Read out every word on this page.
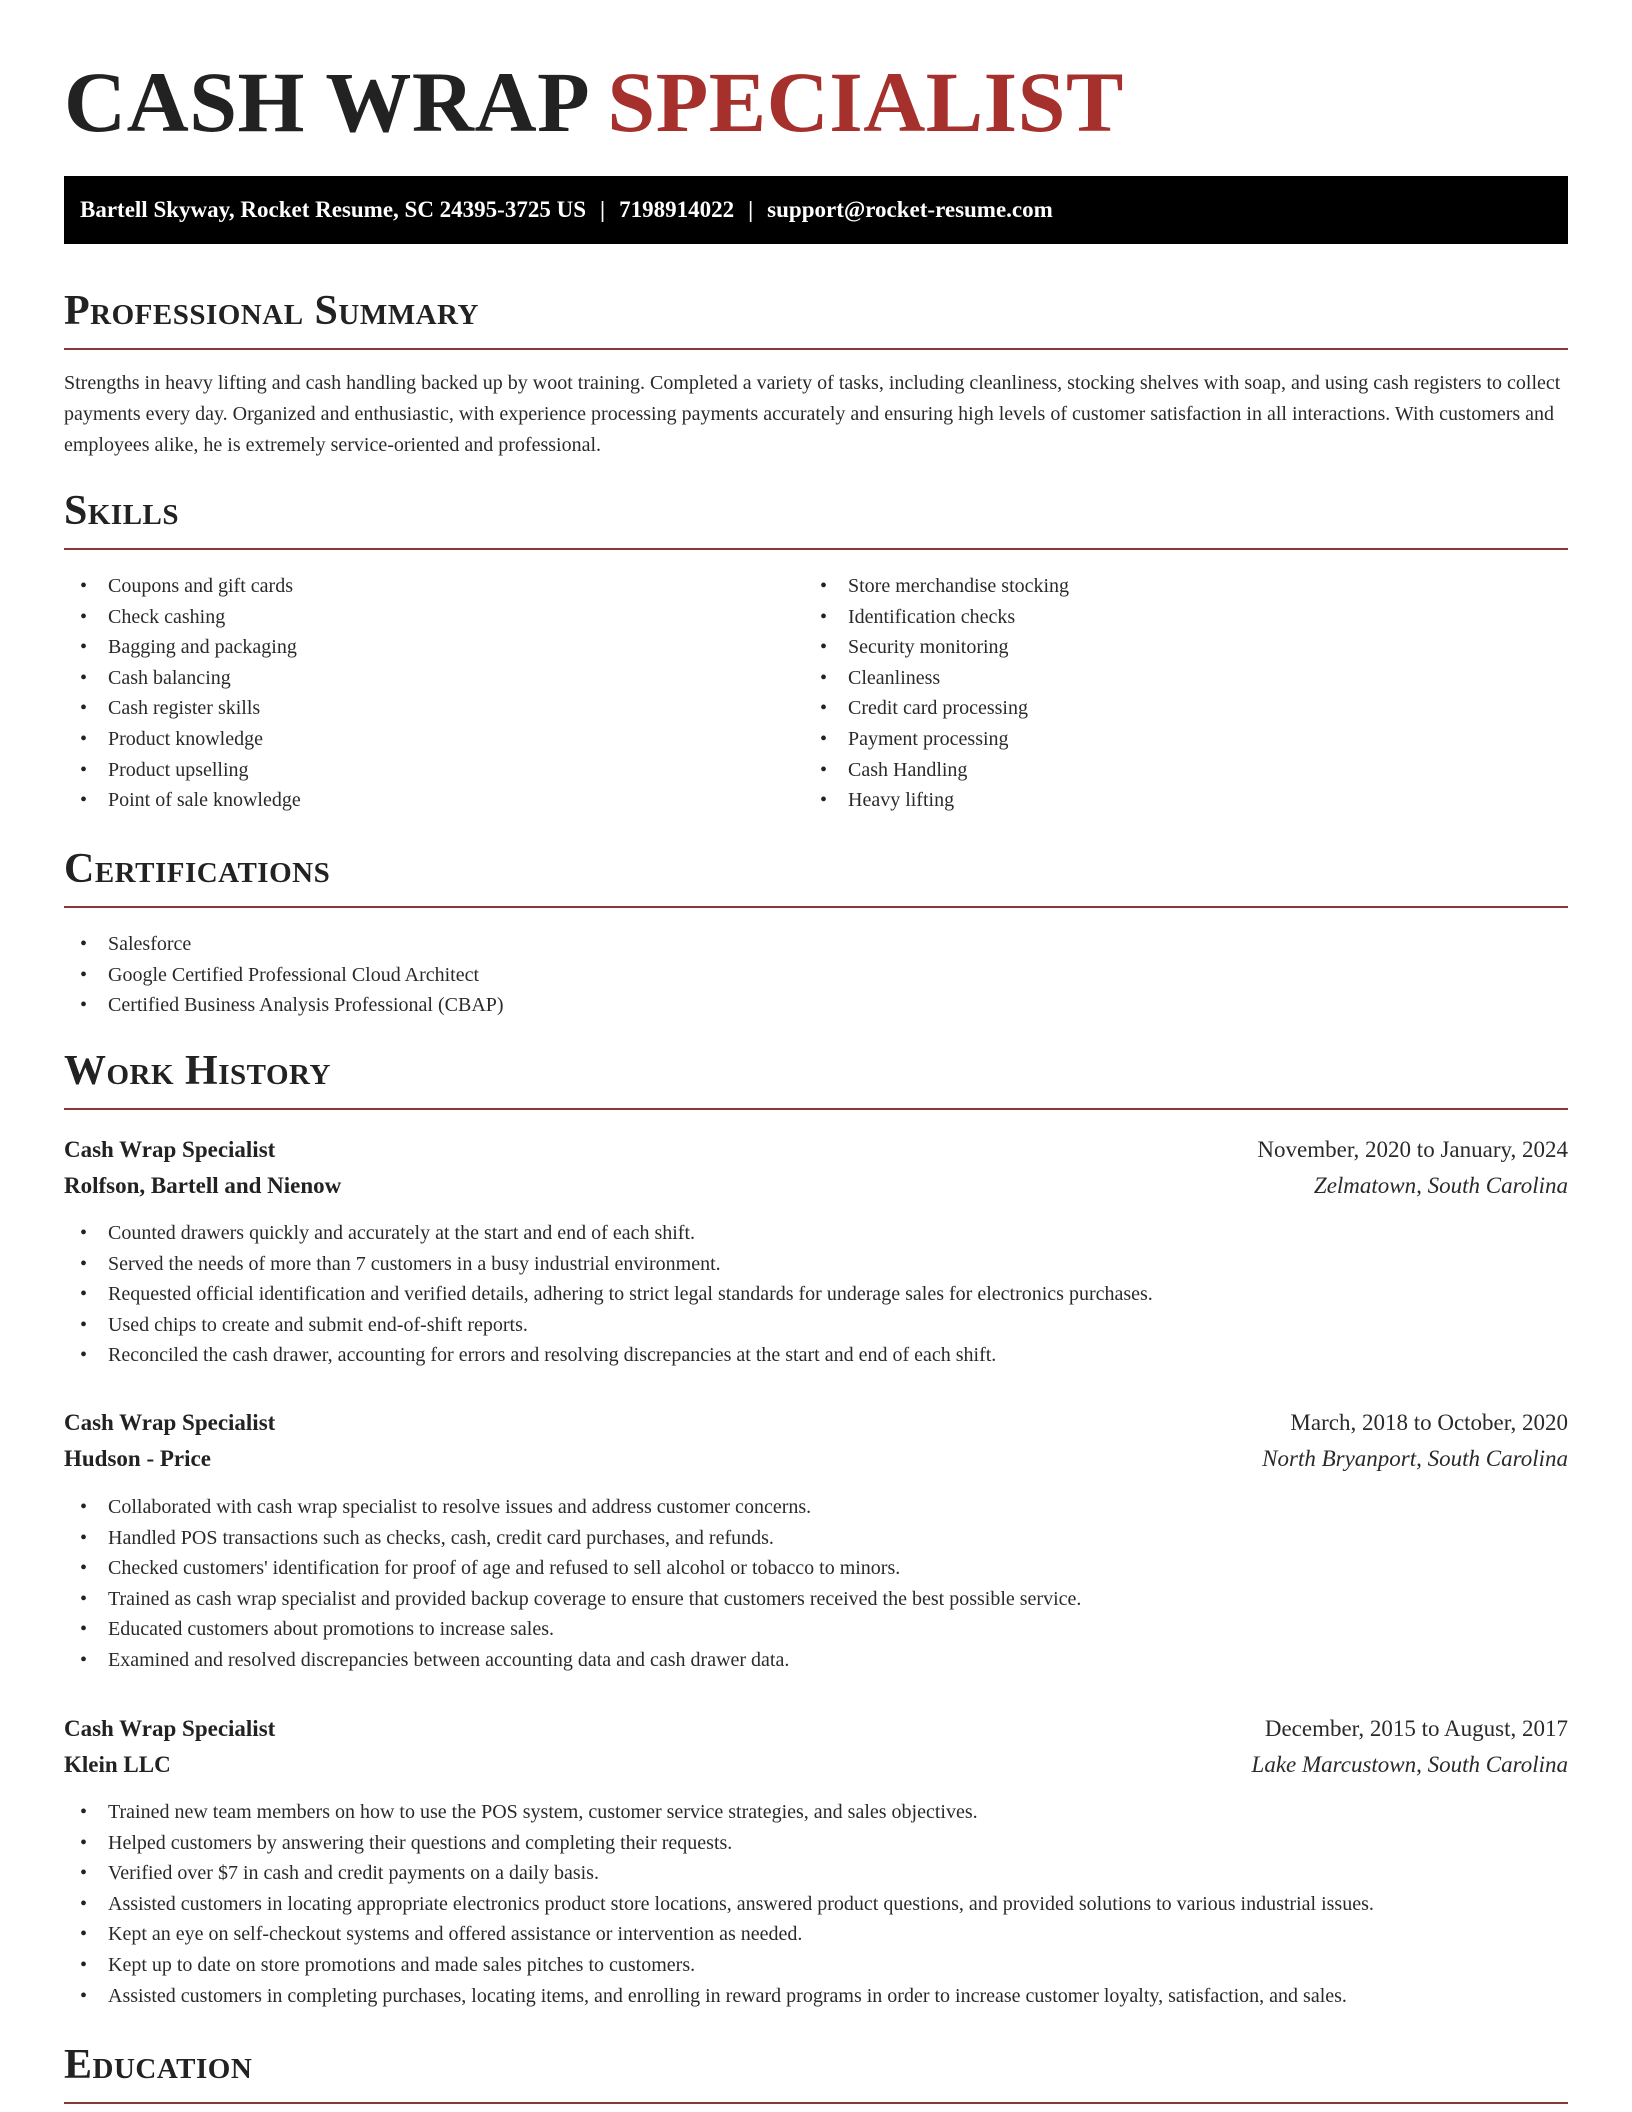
CASH WRAP SPECIALIST
Bartell Skyway, Rocket Resume, SC 24395-3725 US | 7198914022 | support@rocket-resume.com
Professional Summary

Strengths in heavy lifting and cash handling backed up by woot training. Completed a variety of tasks, including cleanliness, stocking shelves with soap, and using cash registers to collect payments every day. Organized and enthusiastic, with experience processing payments accurately and ensuring high levels of customer satisfaction in all interactions. With customers and employees alike, he is extremely service-oriented and professional.

Skills
• Coupons and gift cards
• Check cashing
• Bagging and packaging
• Cash balancing
• Cash register skills
• Product knowledge
• Product upselling
• Point of sale knowledge
• Store merchandise stocking
• Identification checks
• Security monitoring
• Cleanliness
• Credit card processing
• Payment processing
• Cash Handling
• Heavy lifting
Certifications
• Salesforce
• Google Certified Professional Cloud Architect
• Certified Business Analysis Professional (CBAP)
Work History
Cash Wrap Specialist	November, 2020 to January, 2024
Rolfson, Bartell and Nienow	Zelmatown, South Carolina
• Counted drawers quickly and accurately at the start and end of each shift.
• Served the needs of more than 7 customers in a busy industrial environment.
• Requested official identification and verified details, adhering to strict legal standards for underage sales for electronics purchases.
• Used chips to create and submit end-of-shift reports.
• Reconciled the cash drawer, accounting for errors and resolving discrepancies at the start and end of each shift.
Cash Wrap Specialist	March, 2018 to October, 2020
Hudson - Price	North Bryanport, South Carolina
• Collaborated with cash wrap specialist to resolve issues and address customer concerns.
• Handled POS transactions such as checks, cash, credit card purchases, and refunds.
• Checked customers' identification for proof of age and refused to sell alcohol or tobacco to minors.
• Trained as cash wrap specialist and provided backup coverage to ensure that customers received the best possible service.
• Educated customers about promotions to increase sales.
• Examined and resolved discrepancies between accounting data and cash drawer data.
Cash Wrap Specialist	December, 2015 to August, 2017
Klein LLC	Lake Marcustown, South Carolina
• Trained new team members on how to use the POS system, customer service strategies, and sales objectives.
• Helped customers by answering their questions and completing their requests.
• Verified over $7 in cash and credit payments on a daily basis.
• Assisted customers in locating appropriate electronics product store locations, answered product questions, and provided solutions to various industrial issues.
• Kept an eye on self-checkout systems and offered assistance or intervention as needed.
• Kept up to date on store promotions and made sales pitches to customers.
• Assisted customers in completing purchases, locating items, and enrolling in reward programs in order to increase customer loyalty, satisfaction, and sales.
Education
